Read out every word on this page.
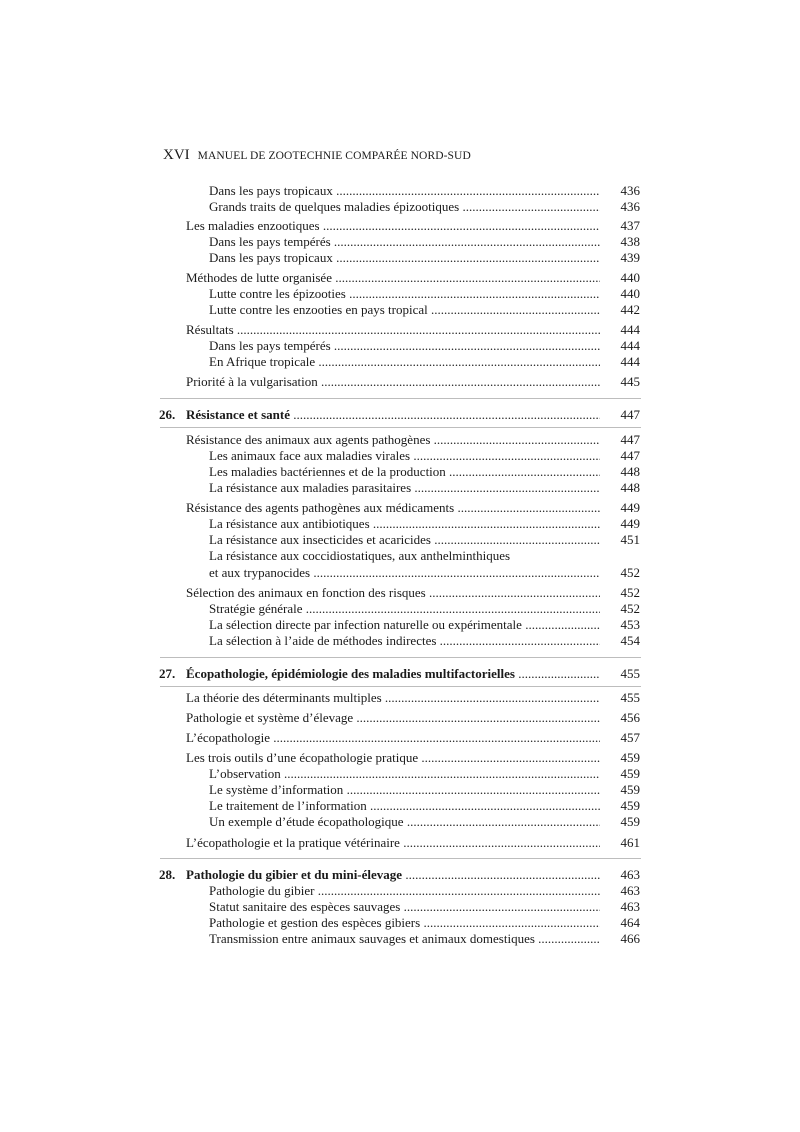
XVI MANUEL DE ZOOTECHNIE COMPARÉE NORD-SUD
Dans les pays tropicaux .....	436
Grands traits de quelques maladies épizootiques .....	436
Les maladies enzootiques .....	437
Dans les pays tempérés .....	438
Dans les pays tropicaux .....	439
Méthodes de lutte organisée .....	440
Lutte contre les épizooties .....	440
Lutte contre les enzooties en pays tropical .....	442
Résultats .....	444
Dans les pays tempérés .....	444
En Afrique tropicale .....	444
Priorité à la vulgarisation .....	445
26. Résistance et santé .....	447
Résistance des animaux aux agents pathogènes .....	447
Les animaux face aux maladies virales .....	447
Les maladies bactériennes et de la production .....	448
La résistance aux maladies parasitaires .....	448
Résistance des agents pathogènes aux médicaments .....	449
La résistance aux antibiotiques .....	449
La résistance aux insecticides et acaricides .....	451
La résistance aux coccidiostatiques, aux anthelminthiques
et aux trypanocides .....	452
Sélection des animaux en fonction des risques .....	452
Stratégie générale .....	452
La sélection directe par infection naturelle ou expérimentale .....	453
La sélection à l’aide de méthodes indirectes .....	454
27. Écopathologie, épidémiologie des maladies multifactorielles .....	455
La théorie des déterminants multiples .....	455
Pathologie et système d’élevage .....	456
L’écopathologie .....	457
Les trois outils d’une écopathologie pratique .....	459
L’observation .....	459
Le système d’information .....	459
Le traitement de l’information .....	459
Un exemple d’étude écopathologique .....	459
L’écopathologie et la pratique vétérinaire .....	461
28. Pathologie du gibier et du mini-élevage .....	463
Pathologie du gibier .....	463
Statut sanitaire des espèces sauvages .....	463
Pathologie et gestion des espèces gibiers .....	464
Transmission entre animaux sauvages et animaux domestiques .....	466
